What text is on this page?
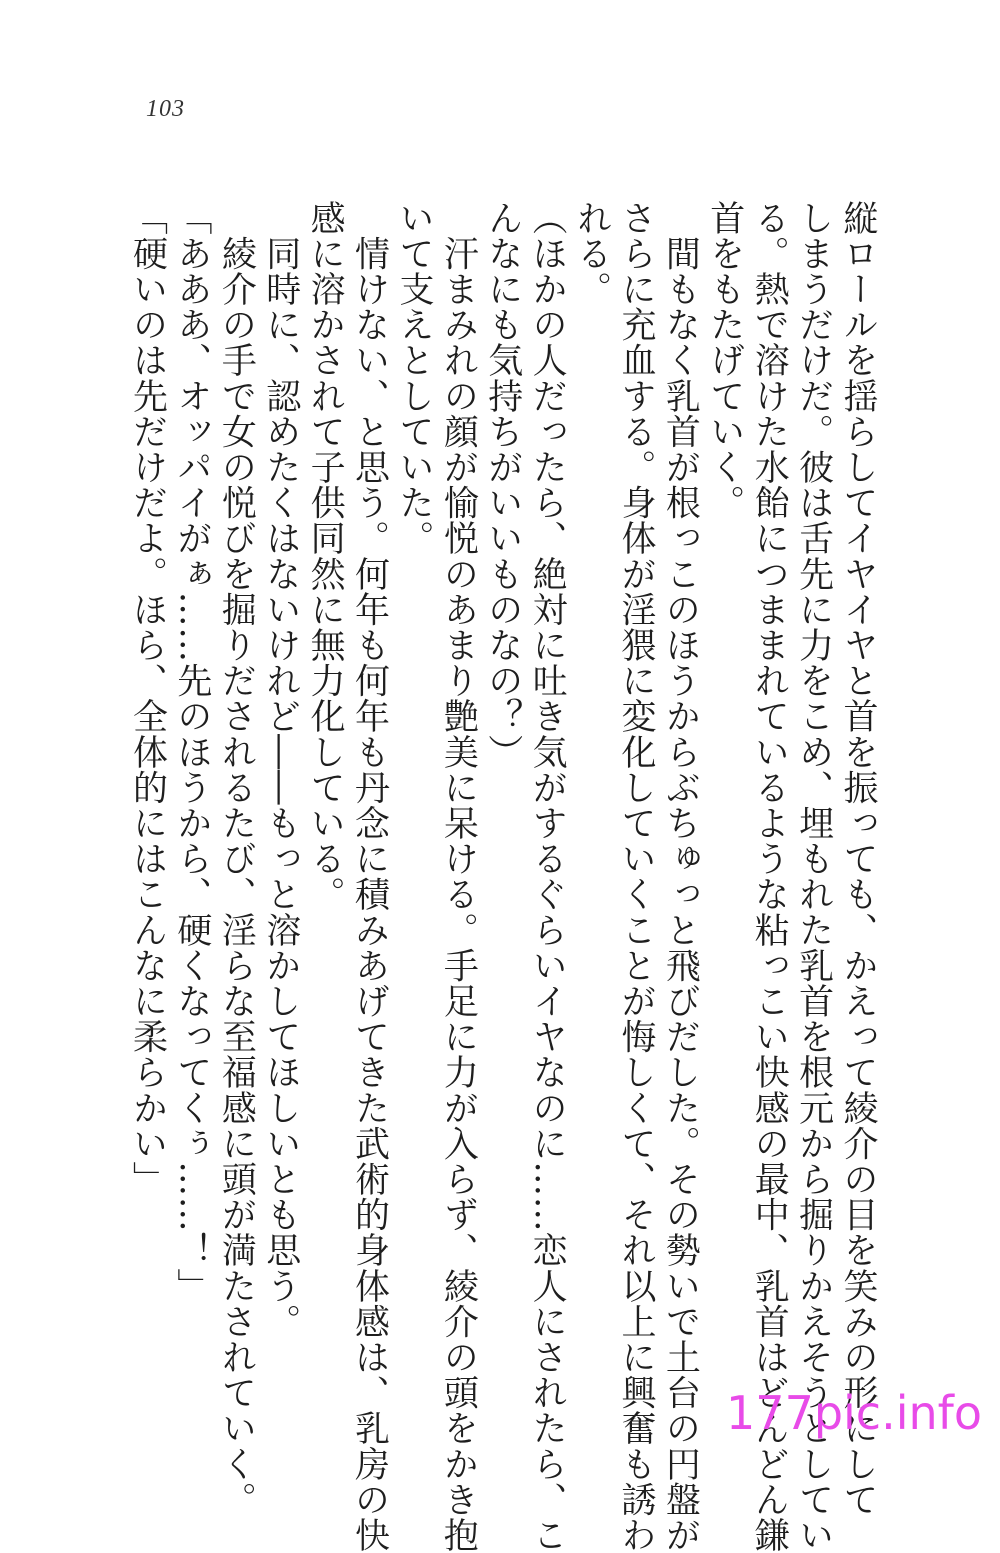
103

縦ロールを揺らしてイヤイヤと首を振っても、かえって綾介の目を笑みの形にして

しまうだけだ。彼は舌先に力をこめ、埋もれた乳首を根元から掘りかえそうとしてい

る。熱で溶けた水飴につままれているような粘っこい快感の最中、乳首はどんどん鎌

首をもたげていく。

　間もなく乳首が根っこのほうからぶちゅっと飛びだした。その勢いで土台の円盤が

さらに充血する。身体が淫猥に変化していくことが悔しくて、それ以上に興奮も誘わ

れる。

（ほかの人だったら、絶対に吐き気がするぐらいイヤなのに……恋人にされたら、こ

んなにも気持ちがいいものなの？）

　汗まみれの顔が愉悦のあまり艶美に呆ける。手足に力が入らず、綾介の頭をかき抱

いて支えとしていた。

　情けない、と思う。何年も何年も丹念に積みあげてきた武術的身体感は、乳房の快

感に溶かされて子供同然に無力化している。

　同時に、認めたくはないけれど――もっと溶かしてほしいとも思う。

　綾介の手で女の悦びを掘りだされるたび、淫らな至福感に頭が満たされていく。

「あああ、オッパイがぁ……先のほうから、硬くなってくぅ……！」

「硬いのは先だけだよ。ほら、全体的にはこんなに柔らかい」

177pic.info
